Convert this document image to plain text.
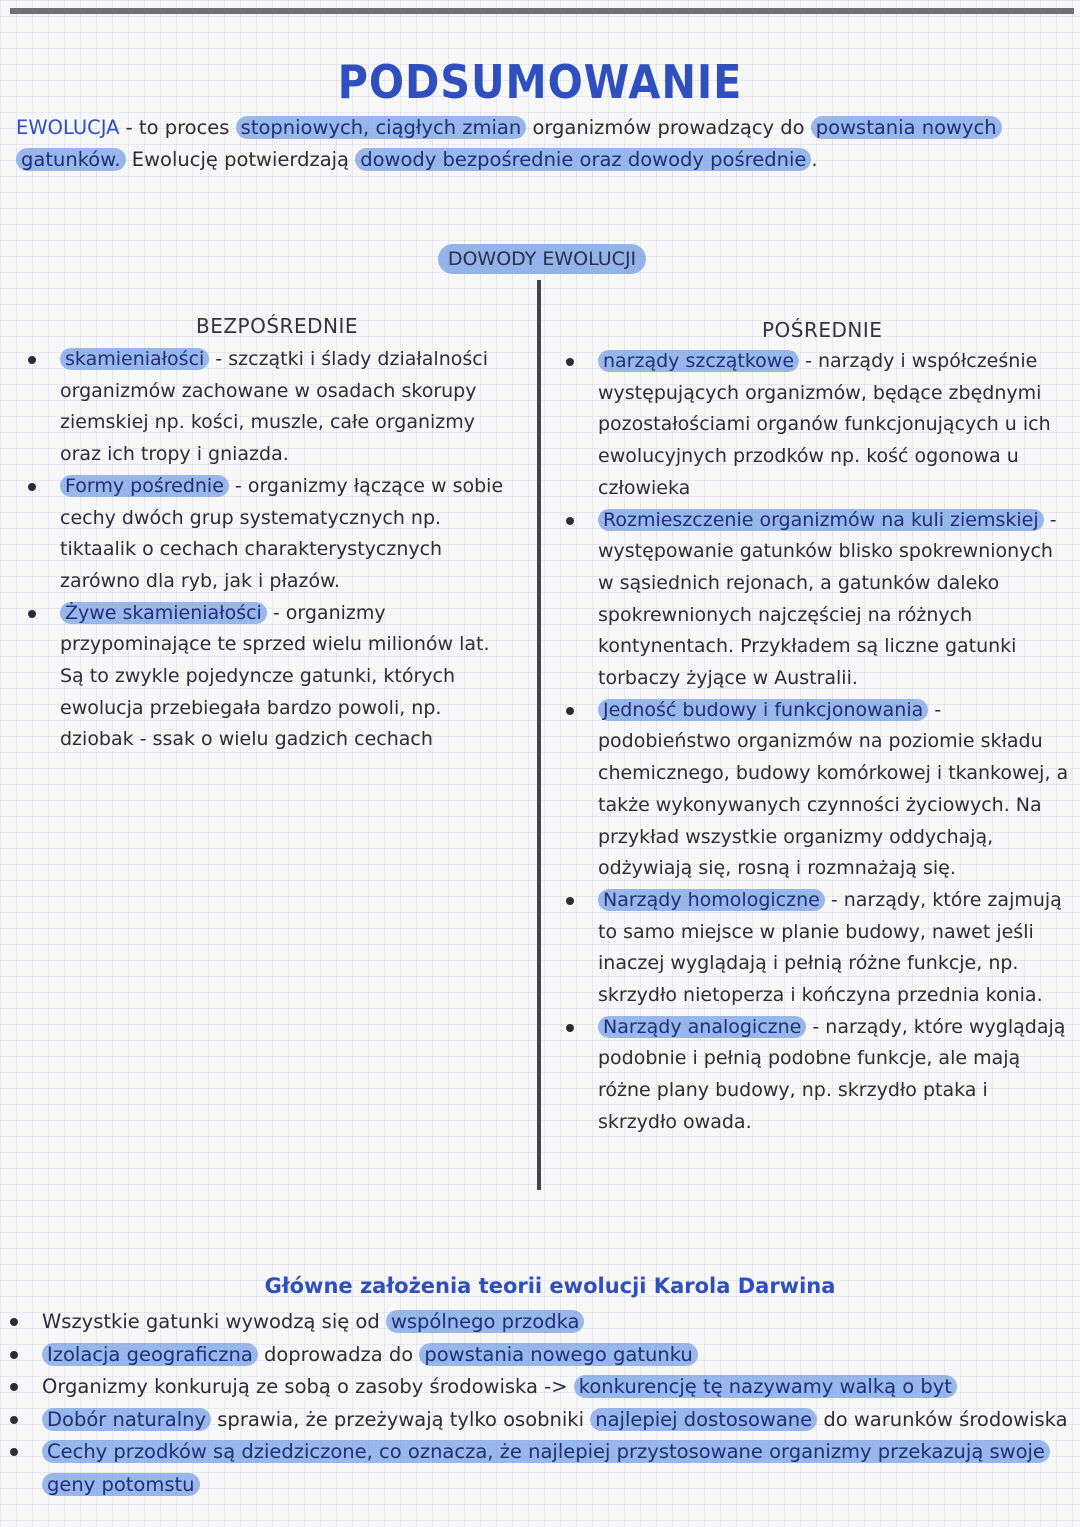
PODSUMOWANIE

EWOLUCJA - to proces stopniowych, ciągłych zmian organizmów prowadzący do powstania nowych gatunków. Ewolucję potwierdzają dowody bezpośrednie oraz dowody pośrednie .

DOWODY EWOLUCJI
BEZPOŚREDNIE	POŚREDNIE
skamieniałości - szczątki i ślady działalności organizmów zachowane w osadach skorupy ziemskiej np. kości, muszle, całe organizmy oraz ich tropy i gniazda.
Formy pośrednie - organizmy łączące w sobie cechy dwóch grup systematycznych np. tiktaalik o cechach charakterystycznych zarówno dla ryb, jak i płazów.
Żywe skamieniałości - organizmy przypominające te sprzed wielu milionów lat. Są to zwykle pojedyncze gatunki, których ewolucja przebiegała bardzo powoli, np. dziobak - ssak o wielu gadzich cechach
narządy szczątkowe - narządy i współcześnie występujących organizmów, będące zbędnymi pozostałościami organów funkcjonujących u ich ewolucyjnych przodków np. kość ogonowa u człowieka
Rozmieszczenie organizmów na kuli ziemskiej - występowanie gatunków blisko spokrewnionych w sąsiednich rejonach, a gatunków daleko spokrewnionych najczęściej na różnych kontynentach. Przykładem są liczne gatunki torbaczy żyjące w Australii.
Jedność budowy i funkcjonowania - podobieństwo organizmów na poziomie składu chemicznego, budowy komórkowej i tkankowej, a także wykonywanych czynności życiowych. Na przykład wszystkie organizmy oddychają, odżywiają się, rosną i rozmnażają się.
Narządy homologiczne - narządy, które zajmują to samo miejsce w planie budowy, nawet jeśli inaczej wyglądają i pełnią różne funkcje, np. skrzydło nietoperza i kończyna przednia konia.
Narządy analogiczne - narządy, które wyglądają podobnie i pełnią podobne funkcje, ale mają różne plany budowy, np. skrzydło ptaka i skrzydło owada.
Główne założenia teorii ewolucji Karola Darwina
Wszystkie gatunki wywodzą się od wspólnego przodka
Izolacja geograficzna doprowadza do powstania nowego gatunku
Organizmy konkurują ze sobą o zasoby środowiska -> konkurencję tę nazywamy walką o byt
Dobór naturalny sprawia, że przeżywają tylko osobniki najlepiej dostosowane do warunków środowiska
Cechy przodków są dziedziczone, co oznacza, że najlepiej przystosowane organizmy przekazują swoje geny potomstu
